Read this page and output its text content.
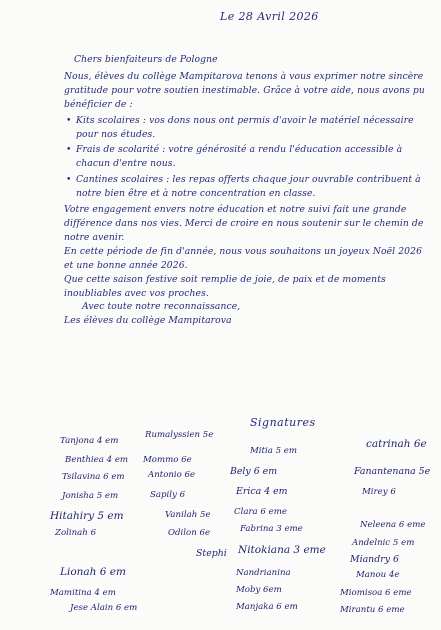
Le 28 Avril 2026

Chers bienfaiteurs de Pologne

Nous, élèves du collège Mampitarova tenons à vous exprimer notre sincère gratitude pour votre soutien inestimable. Grâce à votre aide, nous avons pu bénéficier de :

• Kits scolaires : vos dons nous ont permis d'avoir le matériel nécessaire pour nos études.
• Frais de scolarité : votre générosité a rendu l'éducation accessible à chacun d'entre nous.
• Cantines scolaires : les repas offerts chaque jour ouvrable contribuent à notre bien être et à notre concentration en classe.

Votre engagement envers notre éducation et notre suivi fait une grande différence dans nos vies. Merci de croire en nous soutenir sur le chemin de notre avenir.

En cette période de fin d'année, nous vous souhaitons un joyeux Noël 2026 et une bonne année 2026.

Que cette saison festive soit remplie de joie, de paix et de moments inoubliables avec vos proches.

Avec toute notre reconnaissance,

Les élèves du collège Mampitarova

Signatures
Tanjona 4 em
Rumalyssien 5e
Mitia 5 em
catrinah 6e
Benthiea 4 em Mommo 6e
Fanantenana 5e
Tsilavina 6 em	Antonio 6e	Bely 6 em
Mirey 6
Jonisha 5 em	Sapily 6	Erica 4 em
Hitahiry 5 em	Vanilah 5e	Clara 6 eme
Neleena 6 eme
Zolinah 6	Odilon 6e	Fabrina 3 eme
Andelnic 5 em
Stephi Nitokiana 3 eme
Miandry 6
Lionah 6 em	Nandrianina	Manou 4e
Mamitina 4 em	Moby 6em	Miomisoa 6 eme
Jese Alain 6 em	Manjaka 6 em	Mirantu 6 eme
